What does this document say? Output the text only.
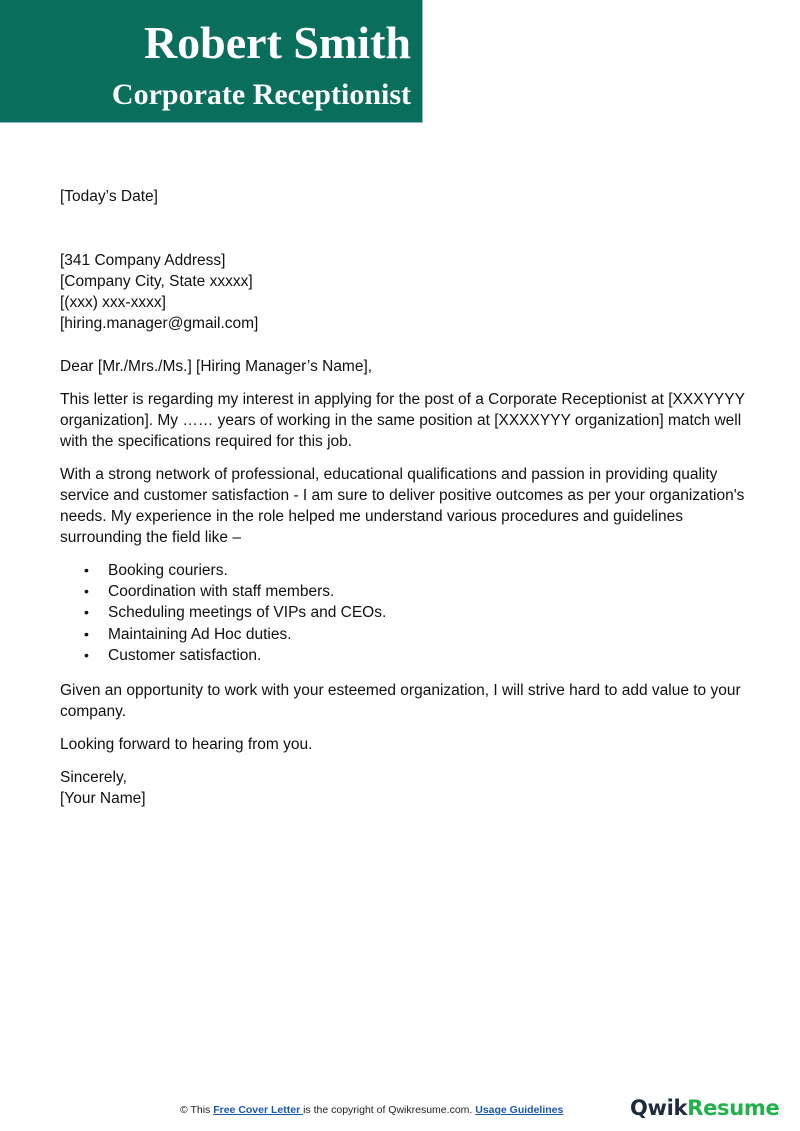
Robert Smith
Corporate Receptionist

[Today’s Date]

[341 Company Address]

[Company City, State xxxxx]

[(xxx) xxx-xxxx]

[hiring.manager@gmail.com]

Dear [Mr./Mrs./Ms.] [Hiring Manager’s Name],

This letter is regarding my interest in applying for the post of a Corporate Receptionist at [XXXYYYY organization]. My …… years of working in the same position at [XXXXYYY organization] match well with the specifications required for this job.

With a strong network of professional, educational qualifications and passion in providing quality service and customer satisfaction - I am sure to deliver positive outcomes as per your organization's needs. My experience in the role helped me understand various procedures and guidelines surrounding the field like –

• Booking couriers.
• Coordination with staff members.
• Scheduling meetings of VIPs and CEOs.
• Maintaining Ad Hoc duties.
• Customer satisfaction.

Given an opportunity to work with your esteemed organization, I will strive hard to add value to your company.

Looking forward to hearing from you.

Sincerely,

[Your Name]

© This Free Cover Letter is the copyright of Qwikresume.com. Usage Guidelines	QwikResume
